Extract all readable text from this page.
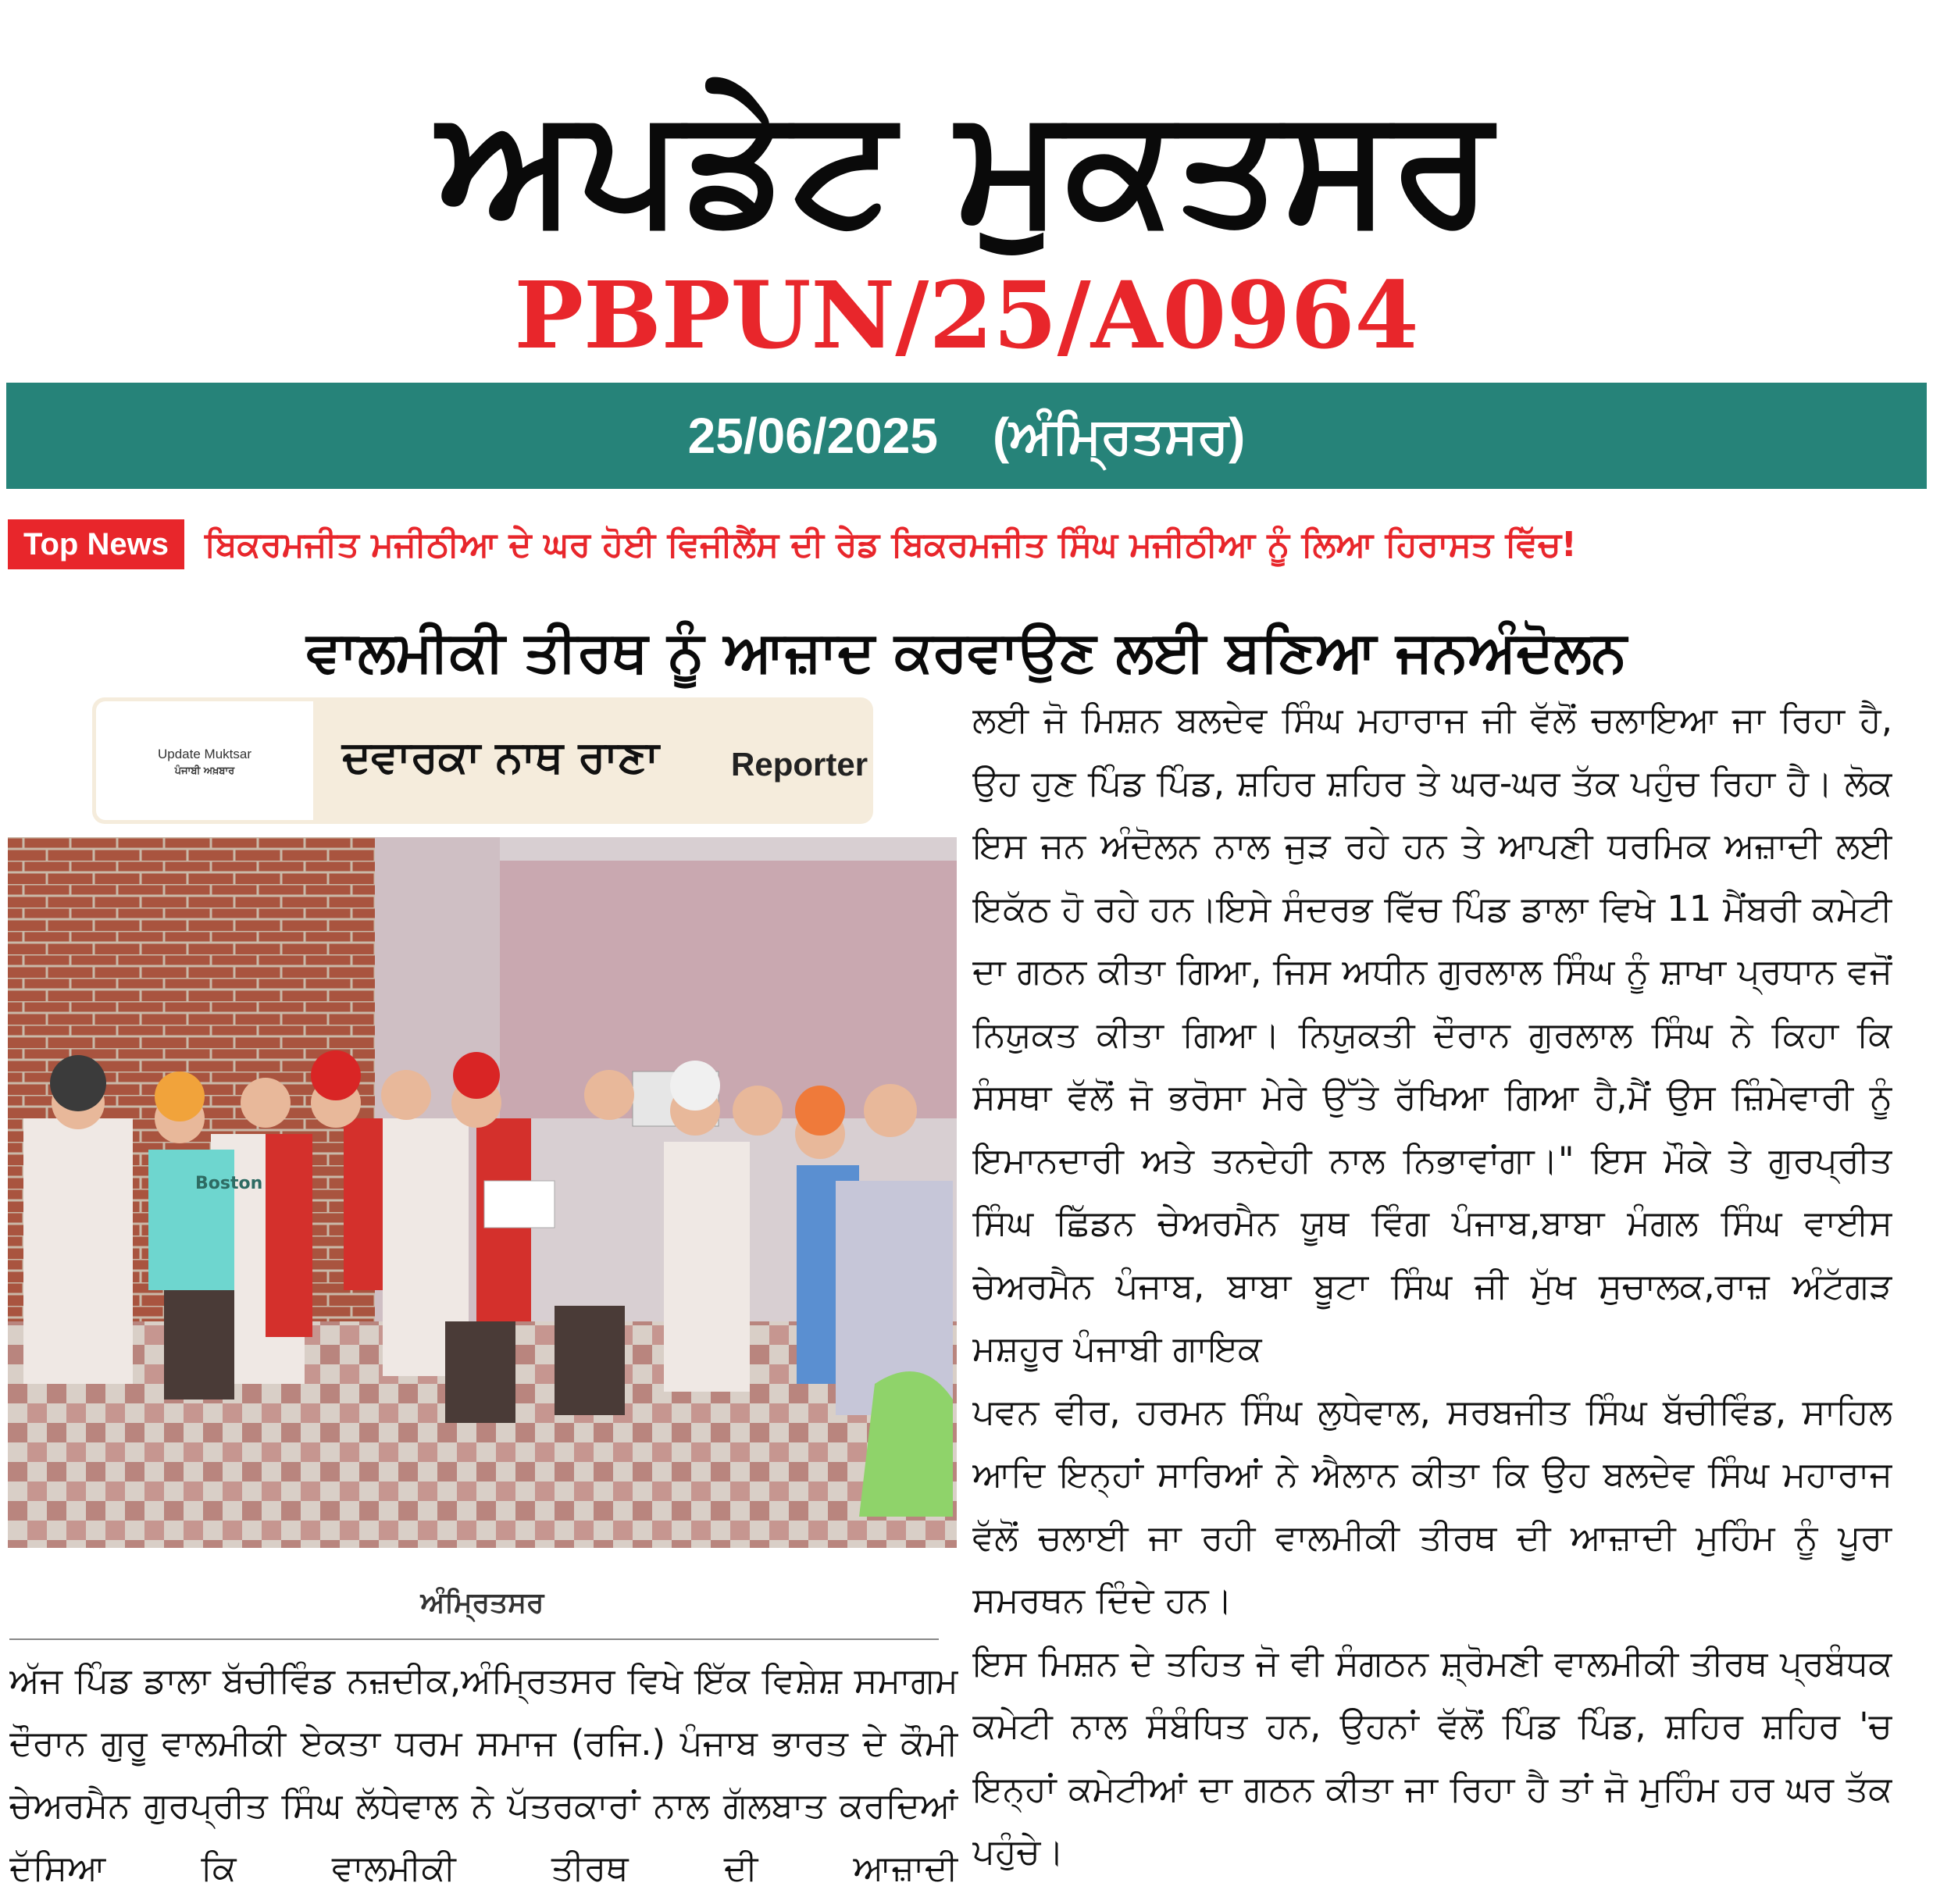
ਅਪਡੇਟ ਮੁਕਤਸਰ
PBPUN/25/A0964
25/06/2025 (ਅੰਮ੍ਰਿਤਸਰ)
Top News	ਬਿਕਰਮਜੀਤ ਮਜੀਠੀਆ ਦੇ ਘਰ ਹੋਈ ਵਿਜੀਲੈਂਸ ਦੀ ਰੇਡ ਬਿਕਰਮਜੀਤ ਸਿੰਘ ਮਜੀਠੀਆ ਨੂੰ ਲਿਆ ਹਿਰਾਸਤ ਵਿੱਚ!
ਵਾਲਮੀਕੀ ਤੀਰਥ ਨੂੰ ਆਜ਼ਾਦ ਕਰਵਾਉਣ ਲਈ ਬਣਿਆ ਜਨਅੰਦੋਲਨ
Update Muktsar
ਪੰਜਾਬੀ ਅਖ਼ਬਾਰ	ਦਵਾਰਕਾ ਨਾਥ ਰਾਣਾ Reporter
Boston
ਅੰਮ੍ਰਿਤਸਰ
ਅੱਜ ਪਿੰਡ ਡਾਲਾ ਬੱਚੀਵਿੰਡ ਨਜ਼ਦੀਕ,ਅੰਮ੍ਰਿਤਸਰ ਵਿਖੇ ਇੱਕ ਵਿਸ਼ੇਸ਼ ਸਮਾਗਮ ਦੌਰਾਨ ਗੁਰੂ ਵਾਲਮੀਕੀ ਏਕਤਾ ਧਰਮ ਸਮਾਜ (ਰਜਿ.) ਪੰਜਾਬ ਭਾਰਤ ਦੇ ਕੌਮੀ ਚੇਅਰਮੈਨ ਗੁਰਪ੍ਰੀਤ ਸਿੰਘ ਲੱਧੇਵਾਲ ਨੇ ਪੱਤਰਕਾਰਾਂ ਨਾਲ ਗੱਲਬਾਤ ਕਰਦਿਆਂ ਦੱਸਿਆ ਕਿ ਵਾਲਮੀਕੀ ਤੀਰਥ ਦੀ ਆਜ਼ਾਦੀ

ਲਈ ਜੋ ਮਿਸ਼ਨ ਬਲਦੇਵ ਸਿੰਘ ਮਹਾਰਾਜ ਜੀ ਵੱਲੋਂ ਚਲਾਇਆ ਜਾ ਰਿਹਾ ਹੈ, ਉਹ ਹੁਣ ਪਿੰਡ ਪਿੰਡ, ਸ਼ਹਿਰ ਸ਼ਹਿਰ ਤੇ ਘਰ-ਘਰ ਤੱਕ ਪਹੁੰਚ ਰਿਹਾ ਹੈ। ਲੋਕ ਇਸ ਜਨ ਅੰਦੋਲਨ ਨਾਲ ਜੁੜ ਰਹੇ ਹਨ ਤੇ ਆਪਣੀ ਧਰਮਿਕ ਅਜ਼ਾਦੀ ਲਈ ਇਕੱਠ ਹੋ ਰਹੇ ਹਨ।ਇਸੇ ਸੰਦਰਭ ਵਿੱਚ ਪਿੰਡ ਡਾਲਾ ਵਿਖੇ 11 ਮੈਂਬਰੀ ਕਮੇਟੀ ਦਾ ਗਠਨ ਕੀਤਾ ਗਿਆ, ਜਿਸ ਅਧੀਨ ਗੁਰਲਾਲ ਸਿੰਘ ਨੂੰ ਸ਼ਾਖਾ ਪ੍ਰਧਾਨ ਵਜੋਂ ਨਿਯੁਕਤ ਕੀਤਾ ਗਿਆ। ਨਿਯੁਕਤੀ ਦੌਰਾਨ ਗੁਰਲਾਲ ਸਿੰਘ ਨੇ ਕਿਹਾ ਕਿ ਸੰਸਥਾ ਵੱਲੋਂ ਜੋ ਭਰੋਸਾ ਮੇਰੇ ਉੱਤੇ ਰੱਖਿਆ ਗਿਆ ਹੈ,ਮੈਂ ਉਸ ਜ਼ਿੰਮੇਵਾਰੀ ਨੂੰ ਇਮਾਨਦਾਰੀ ਅਤੇ ਤਨਦੇਹੀ ਨਾਲ ਨਿਭਾਵਾਂਗਾ।" ਇਸ ਮੌਕੇ ਤੇ ਗੁਰਪ੍ਰੀਤ ਸਿੰਘ ਛਿੱਡਨ ਚੇਅਰਮੈਨ ਯੂਥ ਵਿੰਗ ਪੰਜਾਬ,ਬਾਬਾ ਮੰਗਲ ਸਿੰਘ ਵਾਈਸ ਚੇਅਰਮੈਨ ਪੰਜਾਬ, ਬਾਬਾ ਬੂਟਾ ਸਿੰਘ ਜੀ ਮੁੱਖ ਸੁਚਾਲਕ,ਰਾਜ਼ ਅੰਟੱਗੜ ਮਸ਼ਹੂਰ ਪੰਜਾਬੀ ਗਾਇਕ

ਪਵਨ ਵੀਰ, ਹਰਮਨ ਸਿੰਘ ਲੁਧੇਵਾਲ, ਸਰਬਜੀਤ ਸਿੰਘ ਬੱਚੀਵਿੰਡ, ਸਾਹਿਲ ਆਦਿ ਇਨ੍ਹਾਂ ਸਾਰਿਆਂ ਨੇ ਐਲਾਨ ਕੀਤਾ ਕਿ ਉਹ ਬਲਦੇਵ ਸਿੰਘ ਮਹਾਰਾਜ ਵੱਲੋਂ ਚਲਾਈ ਜਾ ਰਹੀ ਵਾਲਮੀਕੀ ਤੀਰਥ ਦੀ ਆਜ਼ਾਦੀ ਮੁਹਿੰਮ ਨੂੰ ਪੂਰਾ ਸਮਰਥਨ ਦਿੰਦੇ ਹਨ।

ਇਸ ਮਿਸ਼ਨ ਦੇ ਤਹਿਤ ਜੋ ਵੀ ਸੰਗਠਨ ਸ਼੍ਰੋਮਣੀ ਵਾਲਮੀਕੀ ਤੀਰਥ ਪ੍ਰਬੰਧਕ ਕਮੇਟੀ ਨਾਲ ਸੰਬੰਧਿਤ ਹਨ, ਉਹਨਾਂ ਵੱਲੋਂ ਪਿੰਡ ਪਿੰਡ, ਸ਼ਹਿਰ ਸ਼ਹਿਰ 'ਚ ਇਨ੍ਹਾਂ ਕਮੇਟੀਆਂ ਦਾ ਗਠਨ ਕੀਤਾ ਜਾ ਰਿਹਾ ਹੈ ਤਾਂ ਜੋ ਮੁਹਿੰਮ ਹਰ ਘਰ ਤੱਕ ਪਹੁੰਚੇ।
